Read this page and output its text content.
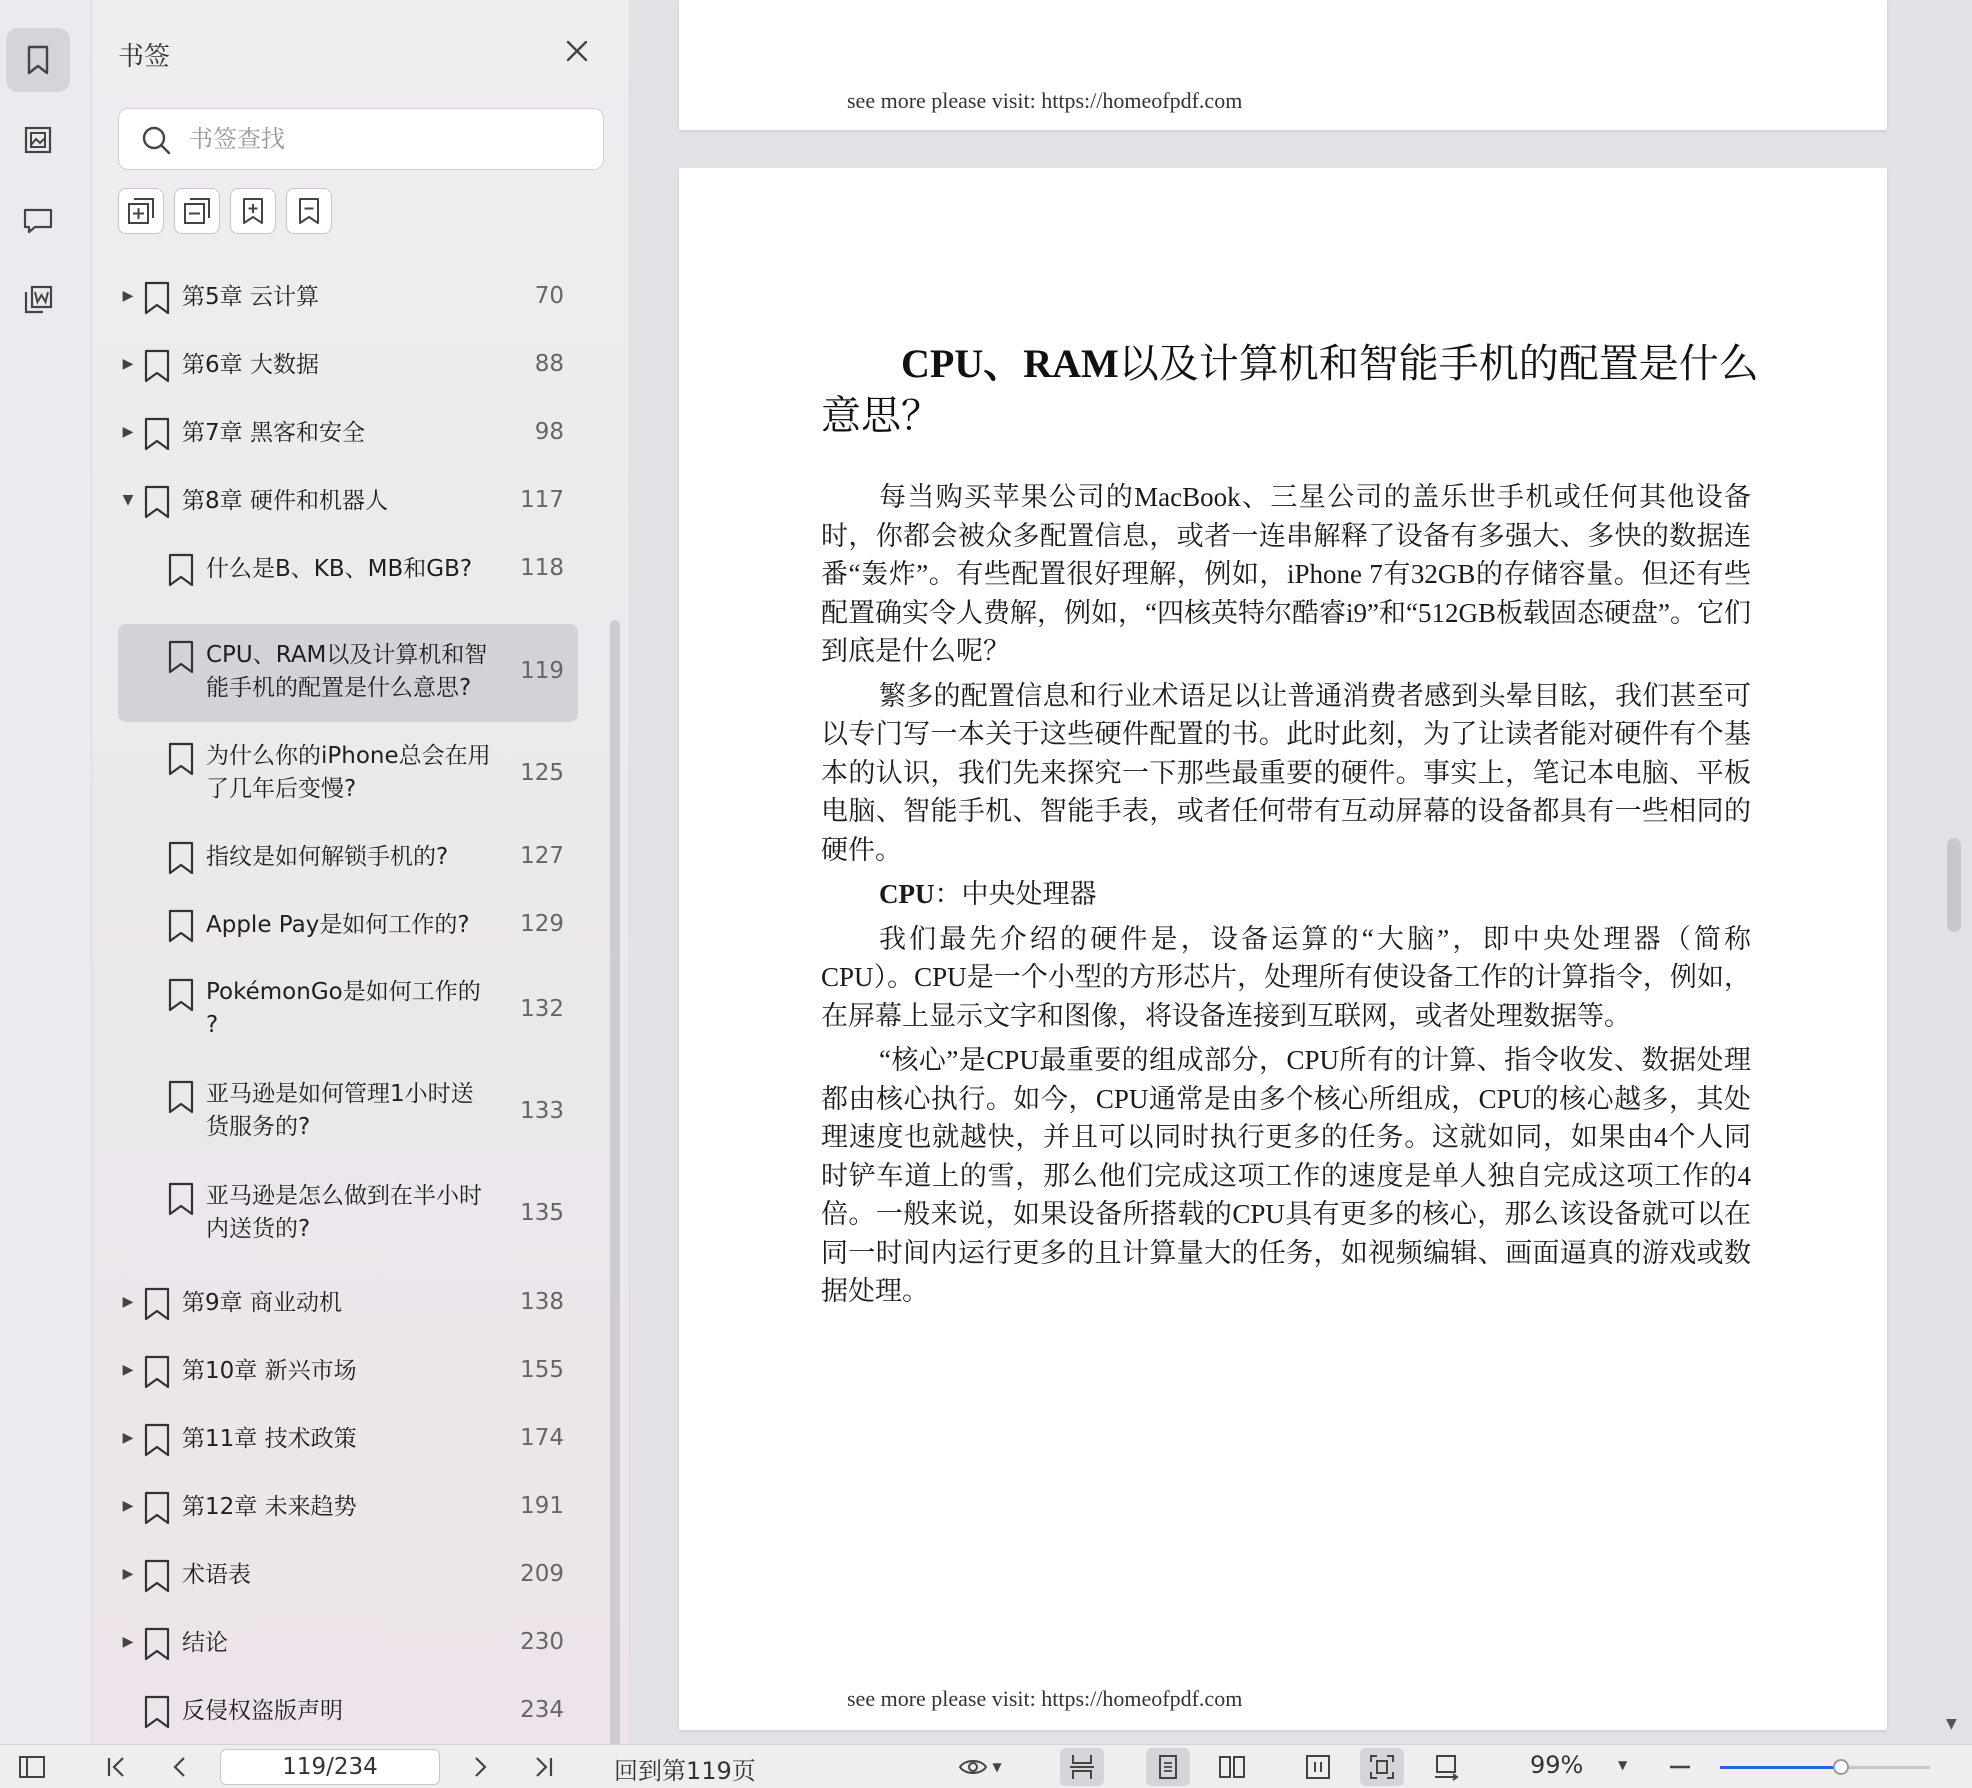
书签
书签查找
▶ 第5章 云计算	70
▶ 第6章 大数据	88
▶ 第7章 黑客和安全	98
▼ 第8章 硬件和机器人	117
什么是B、KB、MB和GB? 118
CPU、RAM以及计算机和智
能手机的配置是什么意思?
119
为什么你的iPhone总会在用
了几年后变慢?
125
指纹是如何解锁手机的?	127
Apple Pay是如何工作的? 129
PokémonGo是如何工作的
?
132
亚马逊是如何管理1小时送
货服务的?
133
亚马逊是怎么做到在半小时
内送货的?
135
▶ 第9章 商业动机	138
▶ 第10章 新兴市场	155
▶ 第11章 技术政策	174
▶ 第12章 未来趋势	191
▶ 术语表	209
▶ 结论	230
反侵权盗版声明	234
see more please visit: https://homeofpdf.com
CPU、RAM以及计算机和智能手机的配置是什么意思？

每当购买苹果公司的MacBook、三星公司的盖乐世手机或任何其他设备时，你都会被众多配置信息，或者一连串解释了设备有多强大、多快的数据连番“轰炸”。有些配置很好理解，例如，iPhone 7有32GB的存储容量。但还有些配置确实令人费解，例如，“四核英特尔酷睿i9”和“512GB板载固态硬盘”。它们到底是什么呢？

繁多的配置信息和行业术语足以让普通消费者感到头晕目眩，我们甚至可以专门写一本关于这些硬件配置的书。此时此刻，为了让读者能对硬件有个基本的认识，我们先来探究一下那些最重要的硬件。事实上，笔记本电脑、平板电脑、智能手机、智能手表，或者任何带有互动屏幕的设备都具有一些相同的硬件。

CPU：中央处理器

我们最先介绍的硬件是，设备运算的“大脑”，即中央处理器（简称CPU）。CPU是一个小型的方形芯片，处理所有使设备工作的计算指令，例如，在屏幕上显示文字和图像，将设备连接到互联网，或者处理数据等。

“核心”是CPU最重要的组成部分，CPU所有的计算、指令收发、数据处理都由核心执行。如今，CPU通常是由多个核心所组成，CPU的核心越多，其处理速度也就越快，并且可以同时执行更多的任务。这就如同，如果由4个人同时铲车道上的雪，那么他们完成这项工作的速度是单人独自完成这项工作的4倍。一般来说，如果设备所搭载的CPU具有更多的核心，那么该设备就可以在同一时间内运行更多的且计算量大的任务，如视频编辑、画面逼真的游戏或数据处理。

see more please visit: https://homeofpdf.com
▼
119/234
回到第119页	▼	99%	▼
